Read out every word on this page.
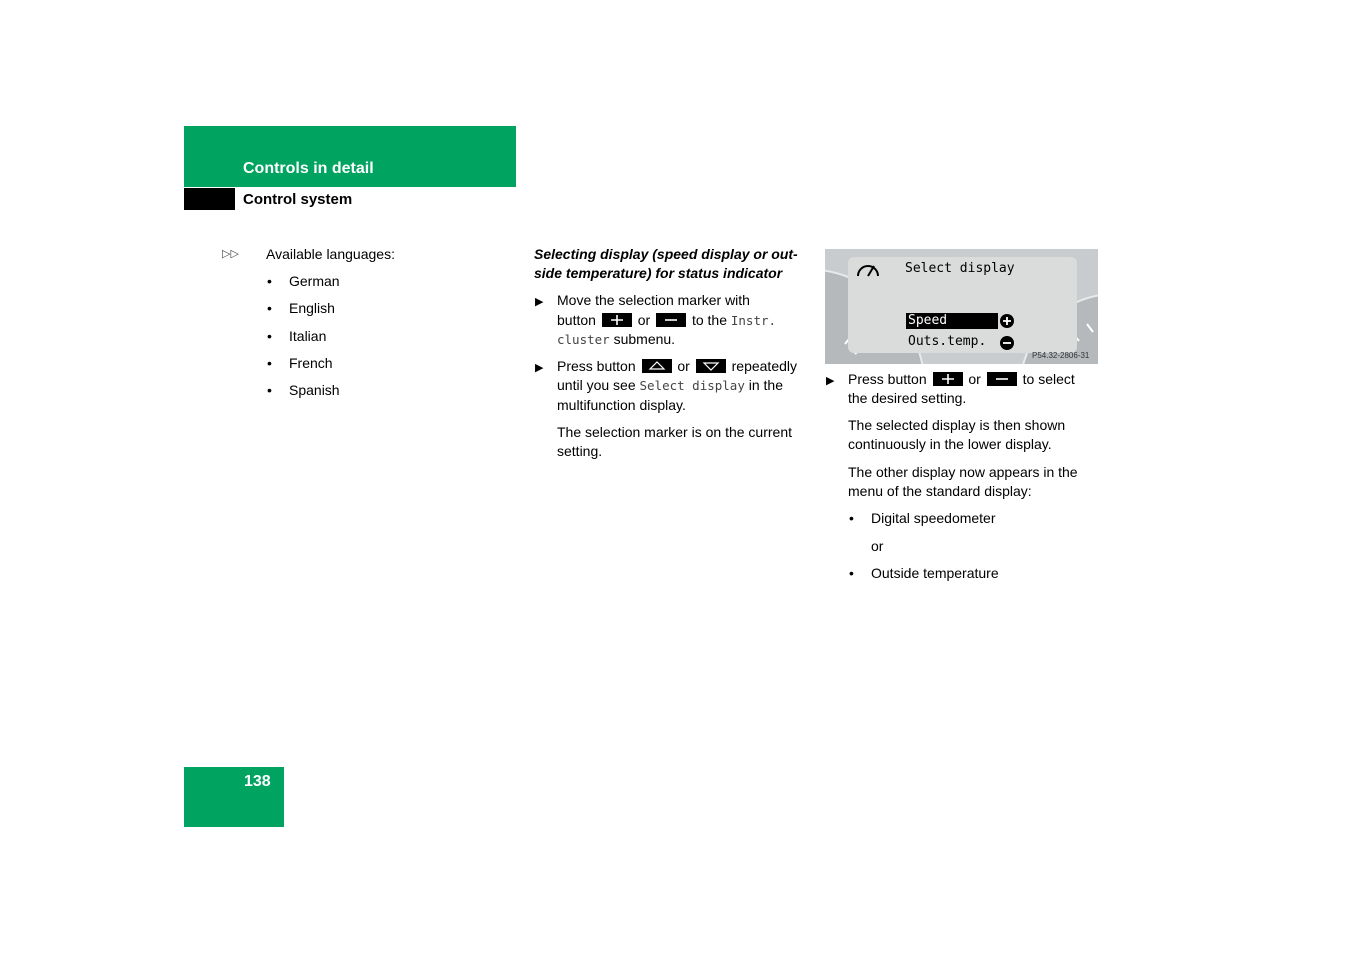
Controls in detail
Control system
▷▷ Available languages:
• German
• English
• Italian
• French
• Spanish
Selecting display (speed display or out-
side temperature) for status indicator
▶ Move the selection marker with
button	or	to the Instr.
cluster submenu.
▶ Press button	or	repeatedly
until you see Select display in the
multifunction display.
The selection marker is on the current
setting.
Select display
Speed
Outs.temp.
P54.32-2806-31
▶ Press button	or	to select
the desired setting.
The selected display is then shown
continuously in the lower display.
The other display now appears in the
menu of the standard display:
• Digital speedometer
or
• Outside temperature
138
